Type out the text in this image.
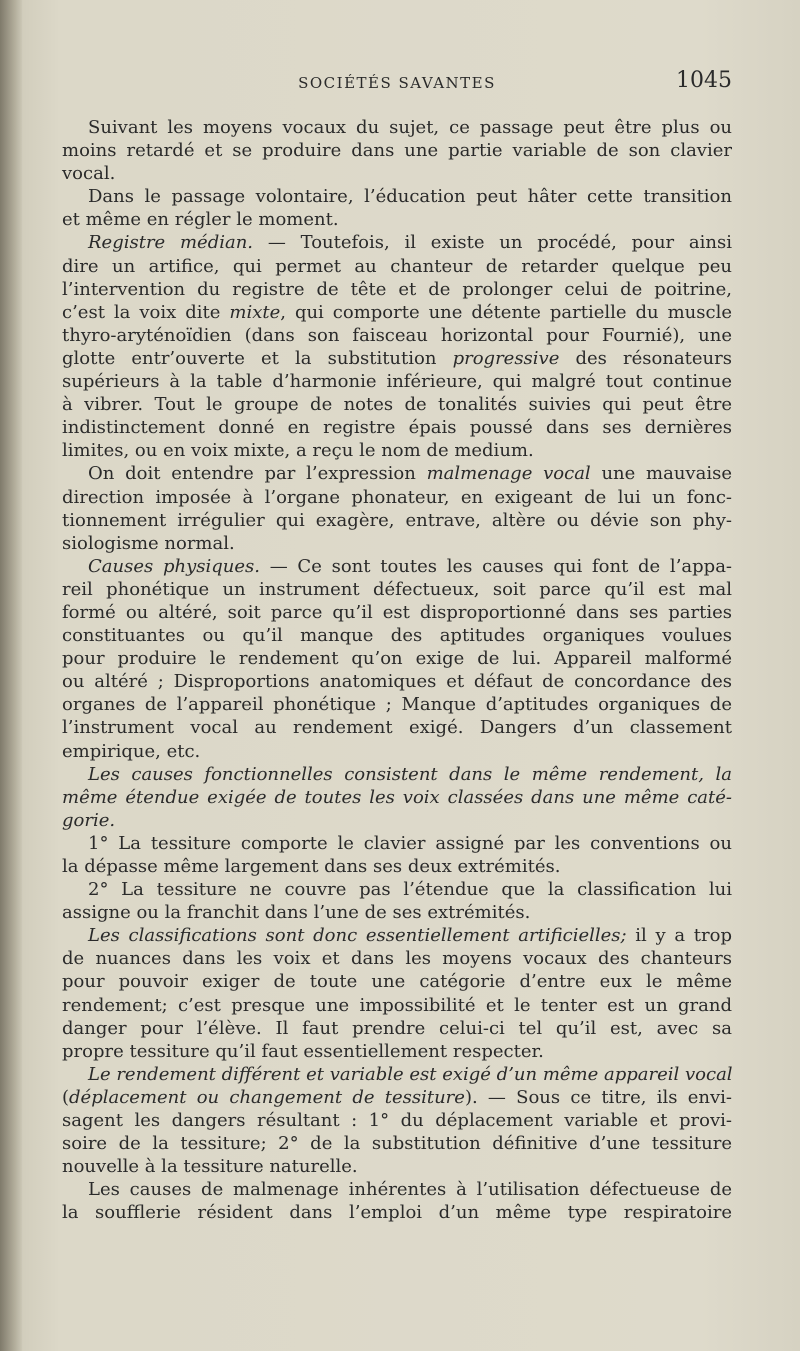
SOCIÉTÉS SAVANTES	1045
Suivant les moyens vocaux du sujet, ce passage peut être plus ou
moins retardé et se produire dans une partie variable de son clavier
vocal.
Dans le passage volontaire, l’éducation peut hâter cette transition
et même en régler le moment.
Registre médian. — Toutefois, il existe un procédé, pour ainsi
dire un artifice, qui permet au chanteur de retarder quelque peu
l’intervention du registre de tête et de prolonger celui de poitrine,
c’est la voix dite mixte, qui comporte une détente partielle du muscle
thyro-aryténoïdien (dans son faisceau horizontal pour Fournié), une
glotte entr’ouverte et la substitution progressive des résonateurs
supérieurs à la table d’harmonie inférieure, qui malgré tout continue
à vibrer. Tout le groupe de notes de tonalités suivies qui peut être
indistinctement donné en registre épais poussé dans ses dernières
limites, ou en voix mixte, a reçu le nom de medium.
On doit entendre par l’expression malmenage vocal une mauvaise
direction imposée à l’organe phonateur, en exigeant de lui un fonc-
tionnement irrégulier qui exagère, entrave, altère ou dévie son phy-
siologisme normal.
Causes physiques. — Ce sont toutes les causes qui font de l’appa-
reil phonétique un instrument défectueux, soit parce qu’il est mal
formé ou altéré, soit parce qu’il est disproportionné dans ses parties
constituantes ou qu’il manque des aptitudes organiques voulues
pour produire le rendement qu’on exige de lui. Appareil malformé
ou altéré ; Disproportions anatomiques et défaut de concordance des
organes de l’appareil phonétique ; Manque d’aptitudes organiques de
l’instrument vocal au rendement exigé. Dangers d’un classement
empirique, etc.
Les causes fonctionnelles consistent dans le même rendement, la
même étendue exigée de toutes les voix classées dans une même caté-
gorie.
1° La tessiture comporte le clavier assigné par les conventions ou
la dépasse même largement dans ses deux extrémités.
2° La tessiture ne couvre pas l’étendue que la classification lui
assigne ou la franchit dans l’une de ses extrémités.
Les classifications sont donc essentiellement artificielles; il y a trop
de nuances dans les voix et dans les moyens vocaux des chanteurs
pour pouvoir exiger de toute une catégorie d’entre eux le même
rendement; c’est presque une impossibilité et le tenter est un grand
danger pour l’élève. Il faut prendre celui-ci tel qu’il est, avec sa
propre tessiture qu’il faut essentiellement respecter.
Le rendement différent et variable est exigé d’un même appareil vocal
(déplacement ou changement de tessiture). — Sous ce titre, ils envi-
sagent les dangers résultant : 1° du déplacement variable et provi-
soire de la tessiture; 2° de la substitution définitive d’une tessiture
nouvelle à la tessiture naturelle.
Les causes de malmenage inhérentes à l’utilisation défectueuse de
la soufflerie résident dans l’emploi d’un même type respiratoire
